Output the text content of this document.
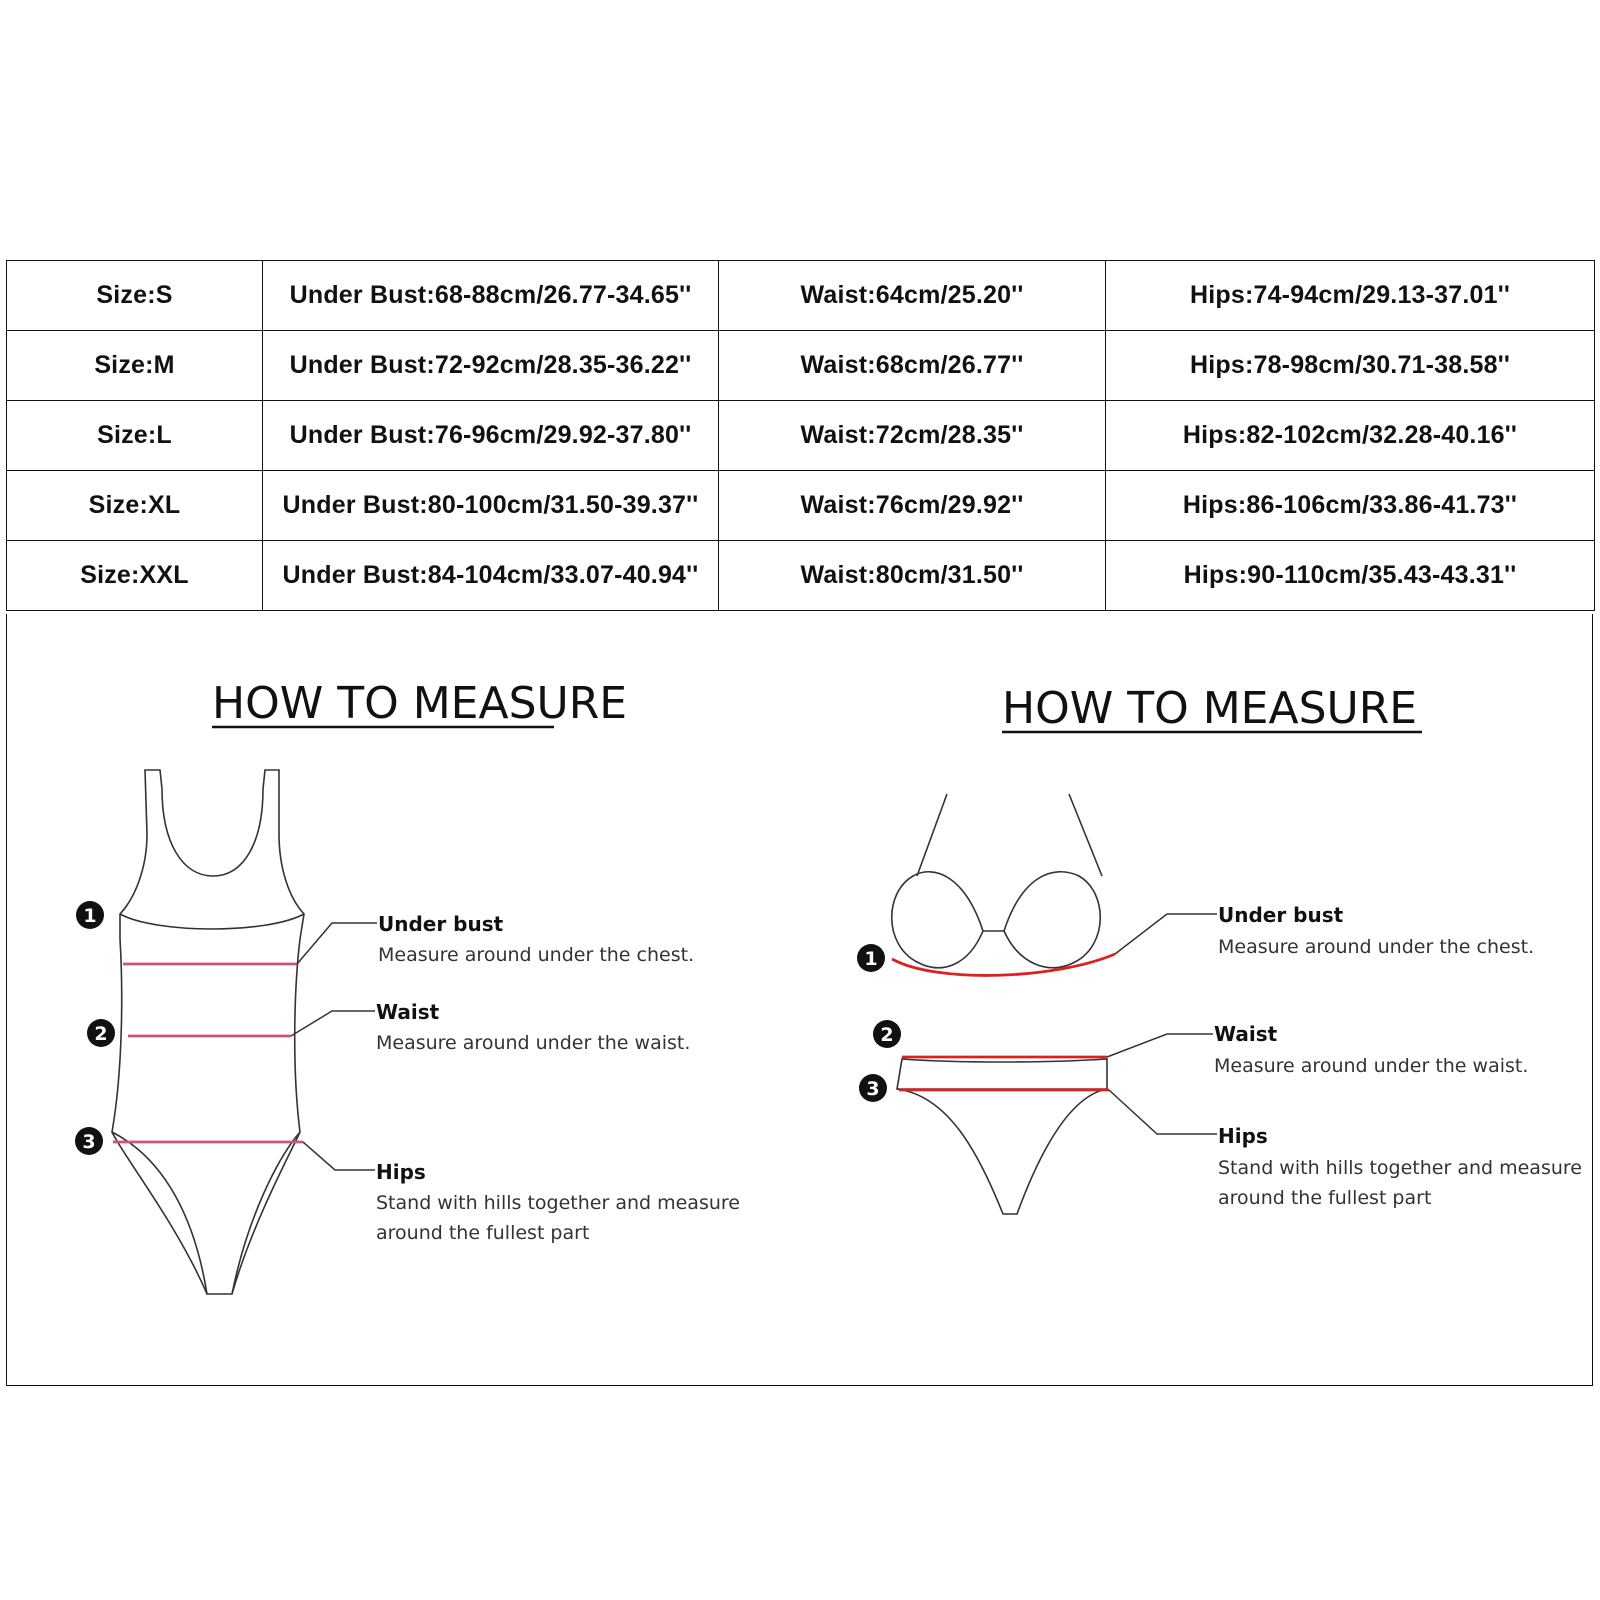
Size:S	Under Bust:68-88cm/26.77-34.65''	Waist:64cm/25.20''	Hips:74-94cm/29.13-37.01''
Size:M	Under Bust:72-92cm/28.35-36.22''	Waist:68cm/26.77''	Hips:78-98cm/30.71-38.58''
Size:L	Under Bust:76-96cm/29.92-37.80''	Waist:72cm/28.35''	Hips:82-102cm/32.28-40.16''
Size:XL	Under Bust:80-100cm/31.50-39.37''	Waist:76cm/29.92''	Hips:86-106cm/33.86-41.73''
Size:XXL	Under Bust:84-104cm/33.07-40.94''	Waist:80cm/31.50''	Hips:90-110cm/35.43-43.31''
HOW TO MEASURE
1
2
3
Under bust
Measure around under the chest.
Waist
Measure around under the waist.
Hips
Stand with hills together and measure
around the fullest part
HOW TO MEASURE
1
2
3
Under bust
Measure around under the chest.
Waist
Measure around under the waist.
Hips
Stand with hills together and measure
around the fullest part
